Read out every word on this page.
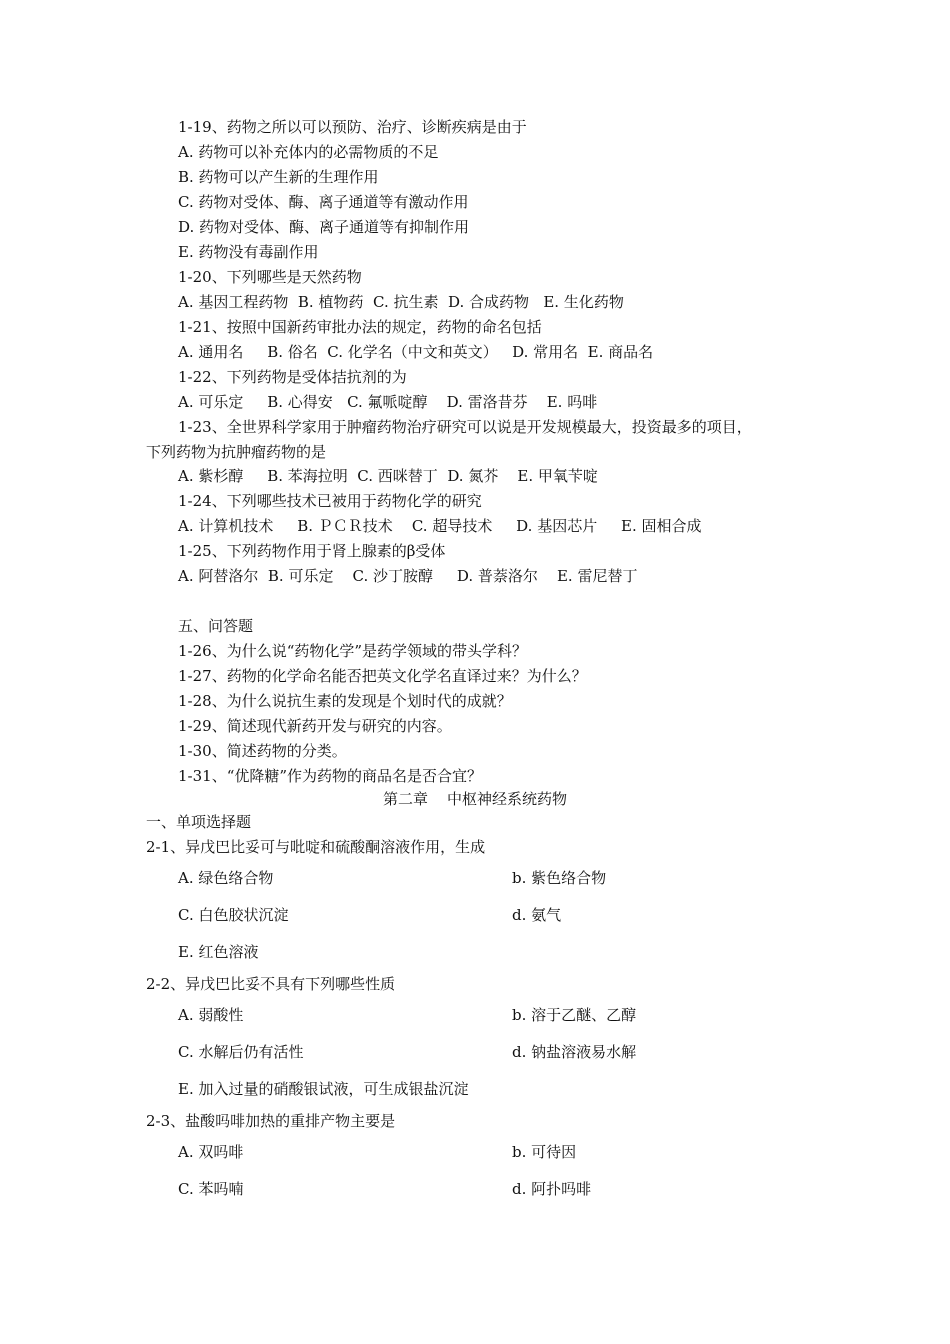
1-19、药物之所以可以预防、治疗、诊断疾病是由于
A. 药物可以补充体内的必需物质的不足
B. 药物可以产生新的生理作用
C. 药物对受体、酶、离子通道等有激动作用
D. 药物对受体、酶、离子通道等有抑制作用
E. 药物没有毒副作用
1-20、下列哪些是天然药物
A. 基因工程药物  B. 植物药  C. 抗生素  D. 合成药物   E. 生化药物
1-21、按照中国新药审批办法的规定，药物的命名包括
A. 通用名     B. 俗名  C. 化学名（中文和英文）   D. 常用名  E. 商品名
1-22、下列药物是受体拮抗剂的为
A. 可乐定     B. 心得安   C. 氟哌啶醇    D. 雷洛昔芬    E. 吗啡
1-23、全世界科学家用于肿瘤药物治疗研究可以说是开发规模最大，投资最多的项目，
下列药物为抗肿瘤药物的是
A. 紫杉醇     B. 苯海拉明  C. 西咪替丁  D. 氮芥    E. 甲氧苄啶
1-24、下列哪些技术已被用于药物化学的研究
A. 计算机技术     B. ＰＣＲ技术    C. 超导技术     D. 基因芯片     E. 固相合成
1-25、下列药物作用于肾上腺素的β受体
A. 阿替洛尔  B. 可乐定    C. 沙丁胺醇     D. 普萘洛尔    E. 雷尼替丁
五、问答题
1-26、为什么说“药物化学”是药学领域的带头学科？
1-27、药物的化学命名能否把英文化学名直译过来？为什么？
1-28、为什么说抗生素的发现是个划时代的成就？
1-29、简述现代新药开发与研究的内容。
1-30、简述药物的分类。
1-31、“优降糖”作为药物的商品名是否合宜？
第二章    中枢神经系统药物
一、单项选择题
2-1、异戊巴比妥可与吡啶和硫酸酮溶液作用，生成
A. 绿色络合物	b. 紫色络合物
C. 白色胶状沉淀	d. 氨气
E. 红色溶液
2-2、异戊巴比妥不具有下列哪些性质
A. 弱酸性	b. 溶于乙醚、乙醇
C. 水解后仍有活性	d. 钠盐溶液易水解
E. 加入过量的硝酸银试液，可生成银盐沉淀
2-3、盐酸吗啡加热的重排产物主要是
A. 双吗啡	b. 可待因
C. 苯吗喃	d. 阿扑吗啡
